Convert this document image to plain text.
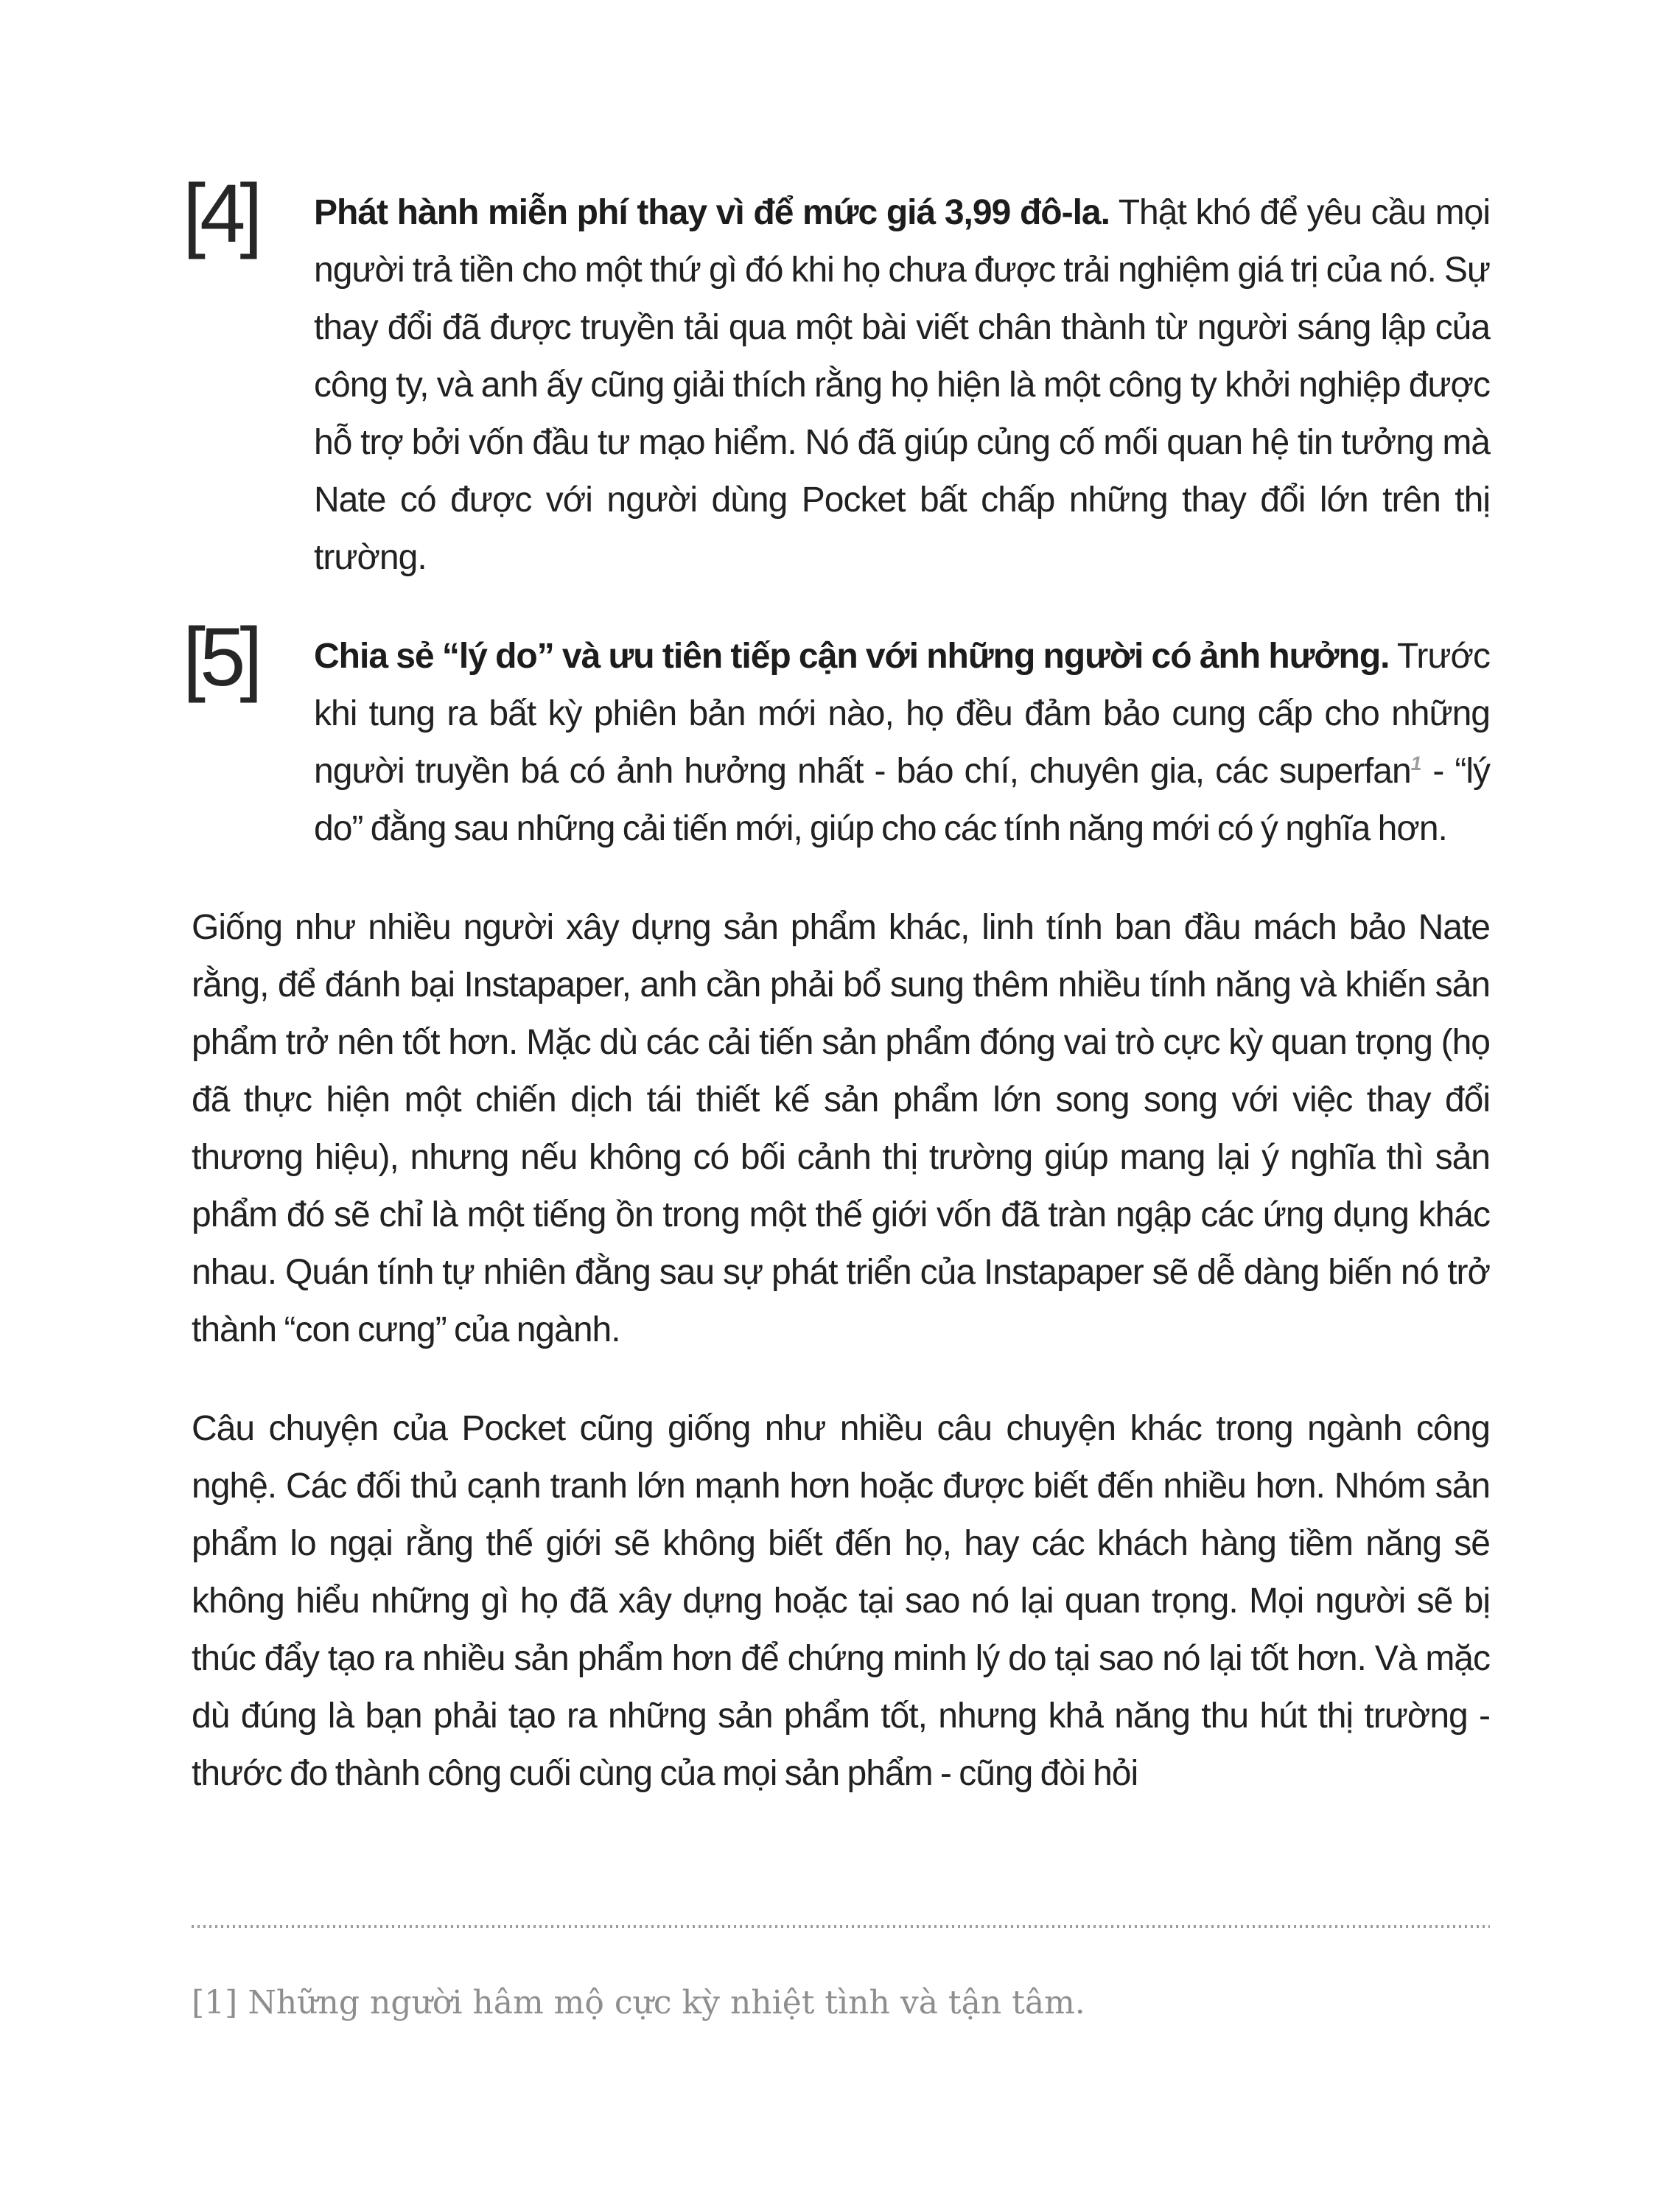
[4] Phát hành miễn phí thay vì để mức giá 3,99 đô-la. Thật khó để yêu cầu mọi người trả tiền cho một thứ gì đó khi họ chưa được trải nghiệm giá trị của nó. Sự thay đổi đã được truyền tải qua một bài viết chân thành từ người sáng lập của công ty, và anh ấy cũng giải thích rằng họ hiện là một công ty khởi nghiệp được hỗ trợ bởi vốn đầu tư mạo hiểm. Nó đã giúp củng cố mối quan hệ tin tưởng mà Nate có được với người dùng Pocket bất chấp những thay đổi lớn trên thị trường.

[5] Chia sẻ “lý do” và ưu tiên tiếp cận với những người có ảnh hưởng. Trước khi tung ra bất kỳ phiên bản mới nào, họ đều đảm bảo cung cấp cho những người truyền bá có ảnh hưởng nhất - báo chí, chuyên gia, các superfan$^1$ - “lý do” đằng sau những cải tiến mới, giúp cho các tính năng mới có ý nghĩa hơn.

Giống như nhiều người xây dựng sản phẩm khác, linh tính ban đầu mách bảo Nate rằng, để đánh bại Instapaper, anh cần phải bổ sung thêm nhiều tính năng và khiến sản phẩm trở nên tốt hơn. Mặc dù các cải tiến sản phẩm đóng vai trò cực kỳ quan trọng (họ đã thực hiện một chiến dịch tái thiết kế sản phẩm lớn song song với việc thay đổi thương hiệu), nhưng nếu không có bối cảnh thị trường giúp mang lại ý nghĩa thì sản phẩm đó sẽ chỉ là một tiếng ồn trong một thế giới vốn đã tràn ngập các ứng dụng khác nhau. Quán tính tự nhiên đằng sau sự phát triển của Instapaper sẽ dễ dàng biến nó trở thành “con cưng” của ngành.

Câu chuyện của Pocket cũng giống như nhiều câu chuyện khác trong ngành công nghệ. Các đối thủ cạnh tranh lớn mạnh hơn hoặc được biết đến nhiều hơn. Nhóm sản phẩm lo ngại rằng thế giới sẽ không biết đến họ, hay các khách hàng tiềm năng sẽ không hiểu những gì họ đã xây dựng hoặc tại sao nó lại quan trọng. Mọi người sẽ bị thúc đẩy tạo ra nhiều sản phẩm hơn để chứng minh lý do tại sao nó lại tốt hơn. Và mặc dù đúng là bạn phải tạo ra những sản phẩm tốt, nhưng khả năng thu hút thị trường - thước đo thành công cuối cùng của mọi sản phẩm - cũng đòi hỏi

[1] Những người hâm mộ cực kỳ nhiệt tình và tận tâm.
